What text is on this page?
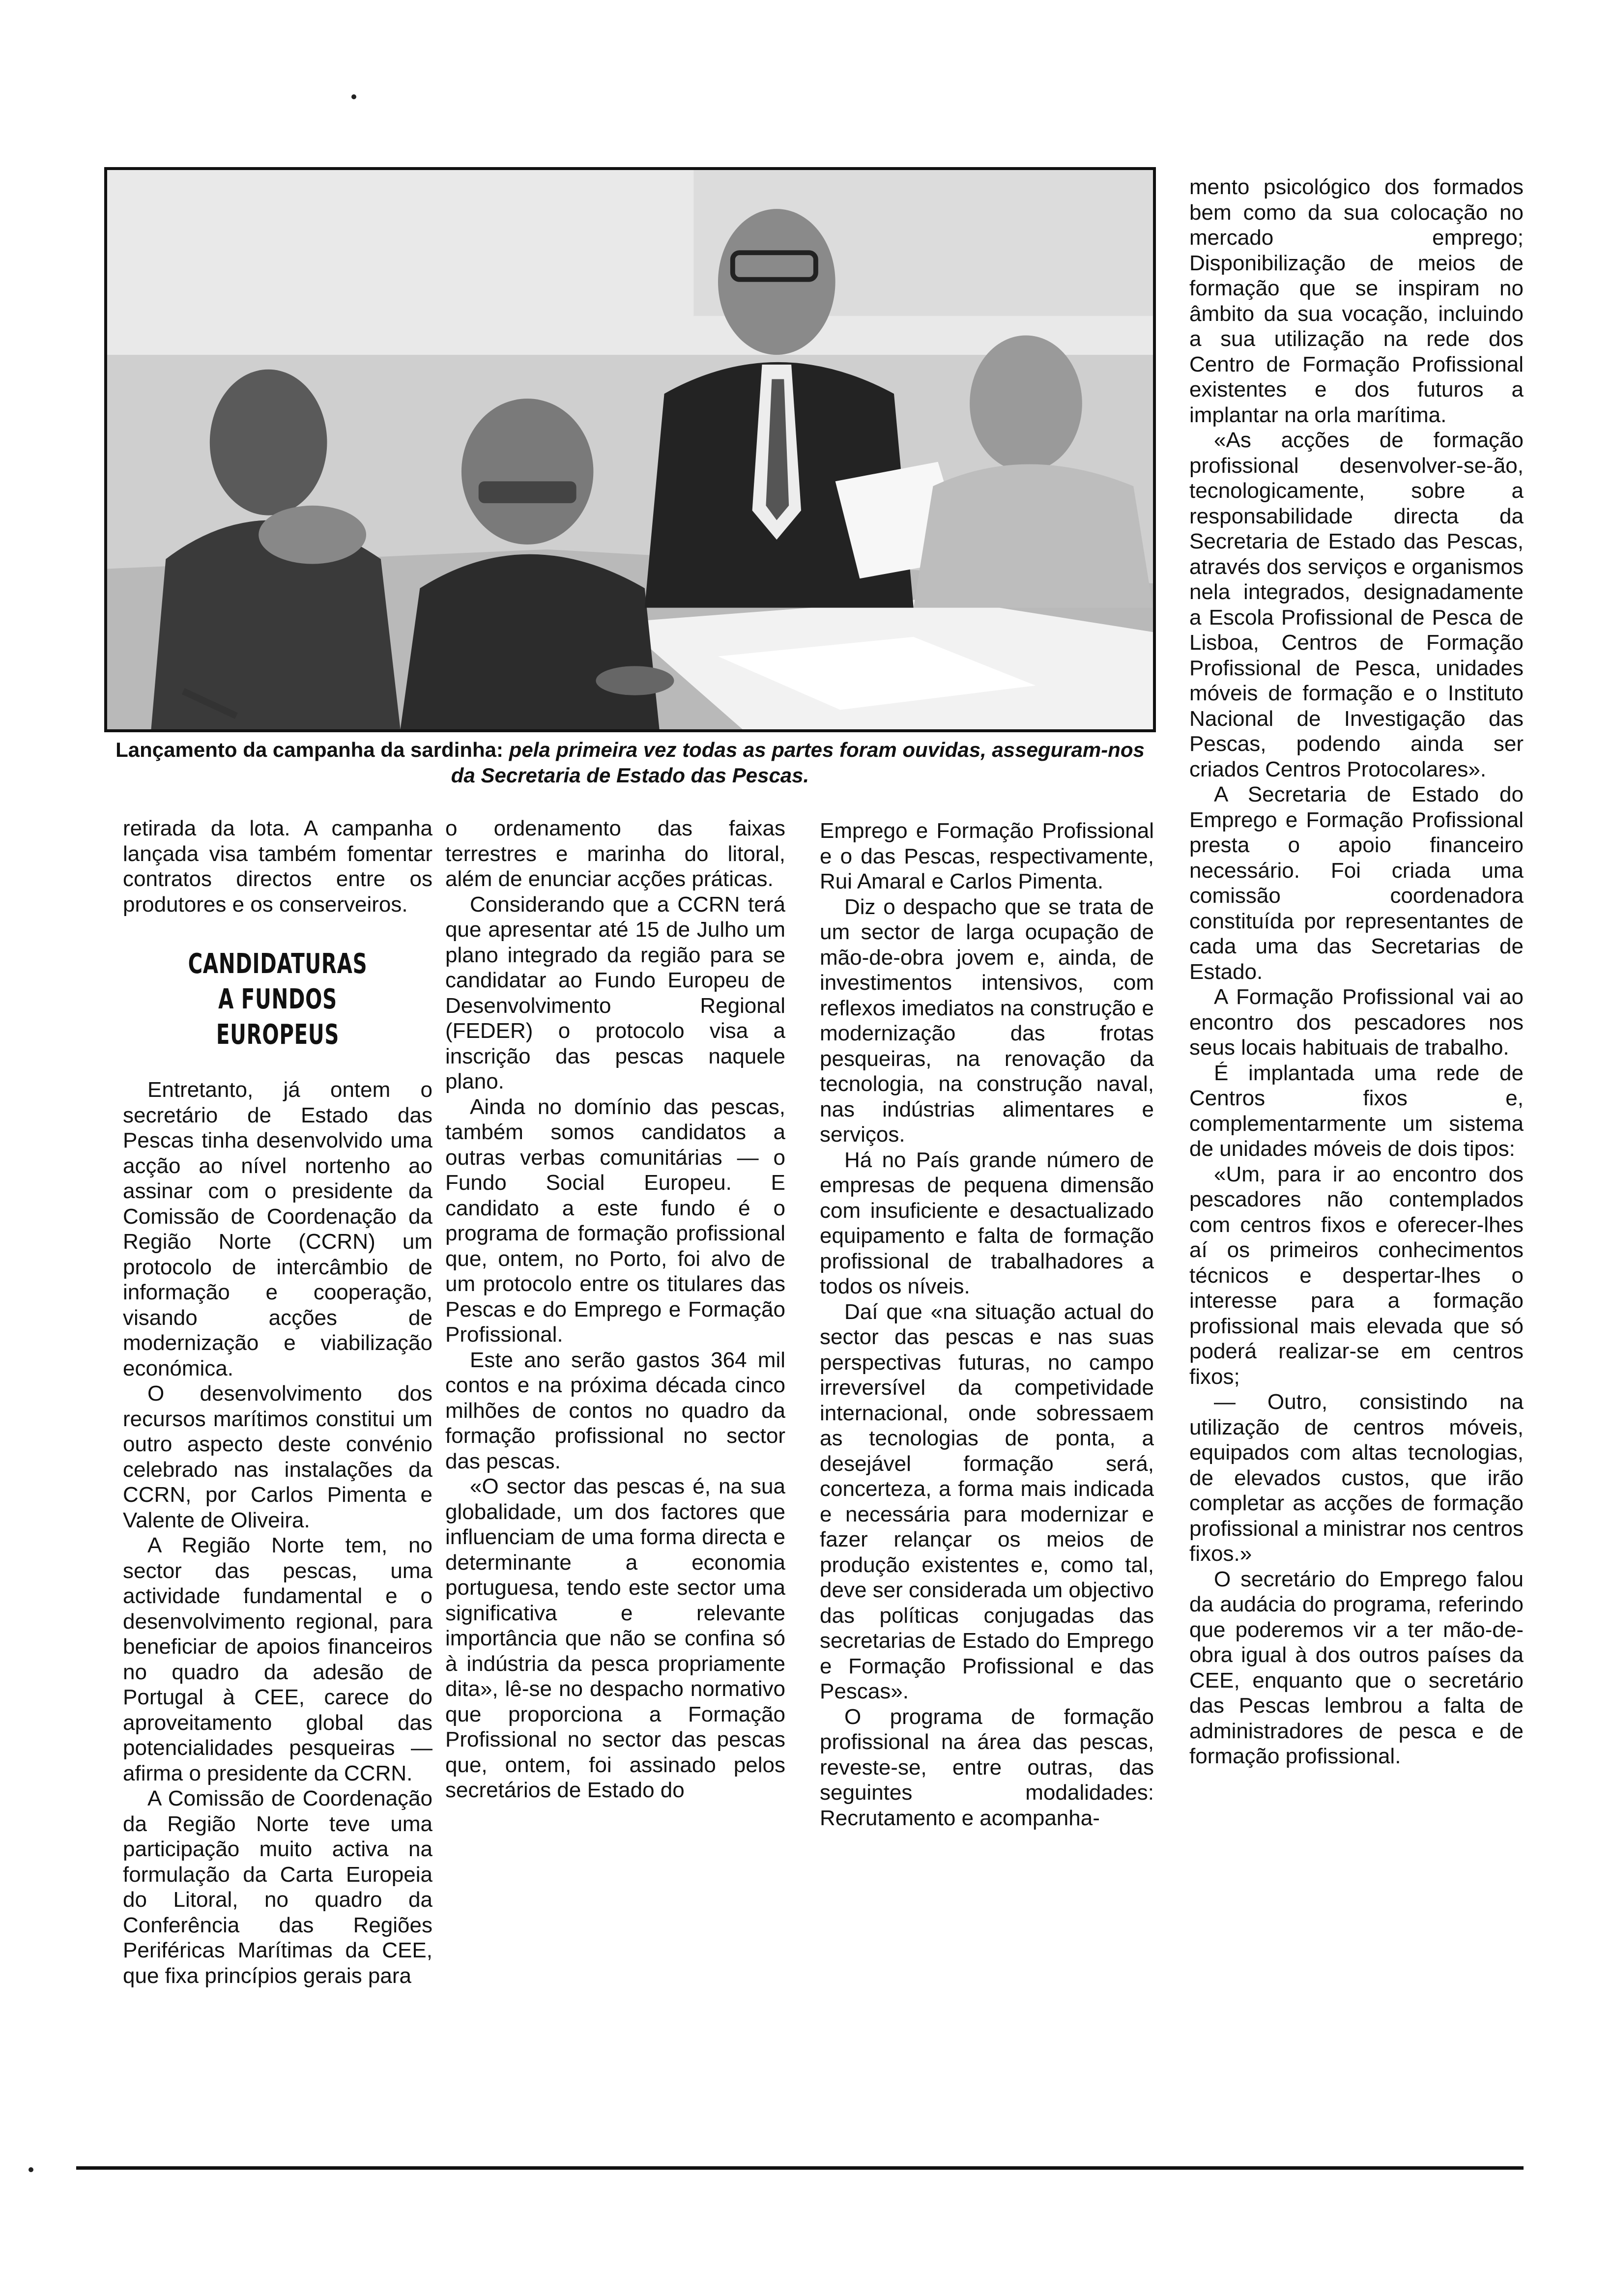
Lançamento da campanha da sardinha: pela primeira vez todas as partes foram ouvidas, asseguram-nos da Secretaria de Estado das Pescas.

retirada da lota. A campanha lançada visa também fomentar contratos directos entre os produtores e os conserveiros.

CANDIDATURAS
A FUNDOS EUROPEUS

Entretanto, já ontem o secretário de Estado das Pescas tinha desenvolvido uma acção ao nível nortenho ao assinar com o presidente da Comissão de Coordenação da Região Norte (CCRN) um protocolo de intercâmbio de informação e cooperação, visando acções de modernização e viabilização económica.

O desenvolvimento dos recursos marítimos constitui um outro aspecto deste convénio celebrado nas instalações da CCRN, por Carlos Pimenta e Valente de Oliveira.

A Região Norte tem, no sector das pescas, uma actividade fundamental e o desenvolvimento regional, para beneficiar de apoios financeiros no quadro da adesão de Portugal à CEE, carece do aproveitamento global das potencialidades pesqueiras — afirma o presidente da CCRN.

A Comissão de Coordenação da Região Norte teve uma participação muito activa na formulação da Carta Europeia do Litoral, no quadro da Conferência das Regiões Periféricas Marítimas da CEE, que fixa princípios gerais para

o ordenamento das faixas terrestres e marinha do litoral, além de enunciar acções práticas.

Considerando que a CCRN terá que apresentar até 15 de Julho um plano integrado da região para se candidatar ao Fundo Europeu de Desenvolvimento Regional (FEDER) o protocolo visa a inscrição das pescas naquele plano.

Ainda no domínio das pescas, também somos candidatos a outras verbas comunitárias — o Fundo Social Europeu. E candidato a este fundo é o programa de formação profissional que, ontem, no Porto, foi alvo de um protocolo entre os titulares das Pescas e do Emprego e Formação Profissional.

Este ano serão gastos 364 mil contos e na próxima década cinco milhões de contos no quadro da formação profissional no sector das pescas.

«O sector das pescas é, na sua globalidade, um dos factores que influenciam de uma forma directa e determinante a economia portuguesa, tendo este sector uma significativa e relevante importância que não se confina só à indústria da pesca propriamente dita», lê-se no despacho normativo que proporciona a Formação Profissional no sector das pescas que, ontem, foi assinado pelos secretários de Estado do

Emprego e Formação Profissional e o das Pescas, respectivamente, Rui Amaral e Carlos Pimenta.

Diz o despacho que se trata de um sector de larga ocupação de mão-de-obra jovem e, ainda, de investimentos intensivos, com reflexos imediatos na construção e modernização das frotas pesqueiras, na renovação da tecnologia, na construção naval, nas indústrias alimentares e serviços.

Há no País grande número de empresas de pequena dimensão com insuficiente e desactualizado equipamento e falta de formação profissional de trabalhadores a todos os níveis.

Daí que «na situação actual do sector das pescas e nas suas perspectivas futuras, no campo irreversível da competividade internacional, onde sobressaem as tecnologias de ponta, a desejável formação será, concerteza, a forma mais indicada e necessária para modernizar e fazer relançar os meios de produção existentes e, como tal, deve ser considerada um objectivo das políticas conjugadas das secretarias de Estado do Emprego e Formação Profissional e das Pescas».

O programa de formação profissional na área das pescas, reveste-se, entre outras, das seguintes modalidades: Recrutamento e acompanha-

mento psicológico dos formados bem como da sua colocação no mercado emprego; Disponibilização de meios de formação que se inspiram no âmbito da sua vocação, incluindo a sua utilização na rede dos Centro de Formação Profissional existentes e dos futuros a implantar na orla marítima.

«As acções de formação profissional desenvolver-se-ão, tecnologicamente, sobre a responsabilidade directa da Secretaria de Estado das Pescas, através dos serviços e organismos nela integrados, designadamente a Escola Profissional de Pesca de Lisboa, Centros de Formação Profissional de Pesca, unidades móveis de formação e o Instituto Nacional de Investigação das Pescas, podendo ainda ser criados Centros Protocolares».

A Secretaria de Estado do Emprego e Formação Profissional presta o apoio financeiro necessário. Foi criada uma comissão coordenadora constituída por representantes de cada uma das Secretarias de Estado.

A Formação Profissional vai ao encontro dos pescadores nos seus locais habituais de trabalho.

É implantada uma rede de Centros fixos e, complementarmente um sistema de unidades móveis de dois tipos:

«Um, para ir ao encontro dos pescadores não contemplados com centros fixos e oferecer-lhes aí os primeiros conhecimentos técnicos e despertar-lhes o interesse para a formação profissional mais elevada que só poderá realizar-se em centros fixos;

— Outro, consistindo na utilização de centros móveis, equipados com altas tecnologias, de elevados custos, que irão completar as acções de formação profissional a ministrar nos centros fixos.»

O secretário do Emprego falou da audácia do programa, referindo que poderemos vir a ter mão-de-obra igual à dos outros países da CEE, enquanto que o secretário das Pescas lembrou a falta de administradores de pesca e de formação profissional.
